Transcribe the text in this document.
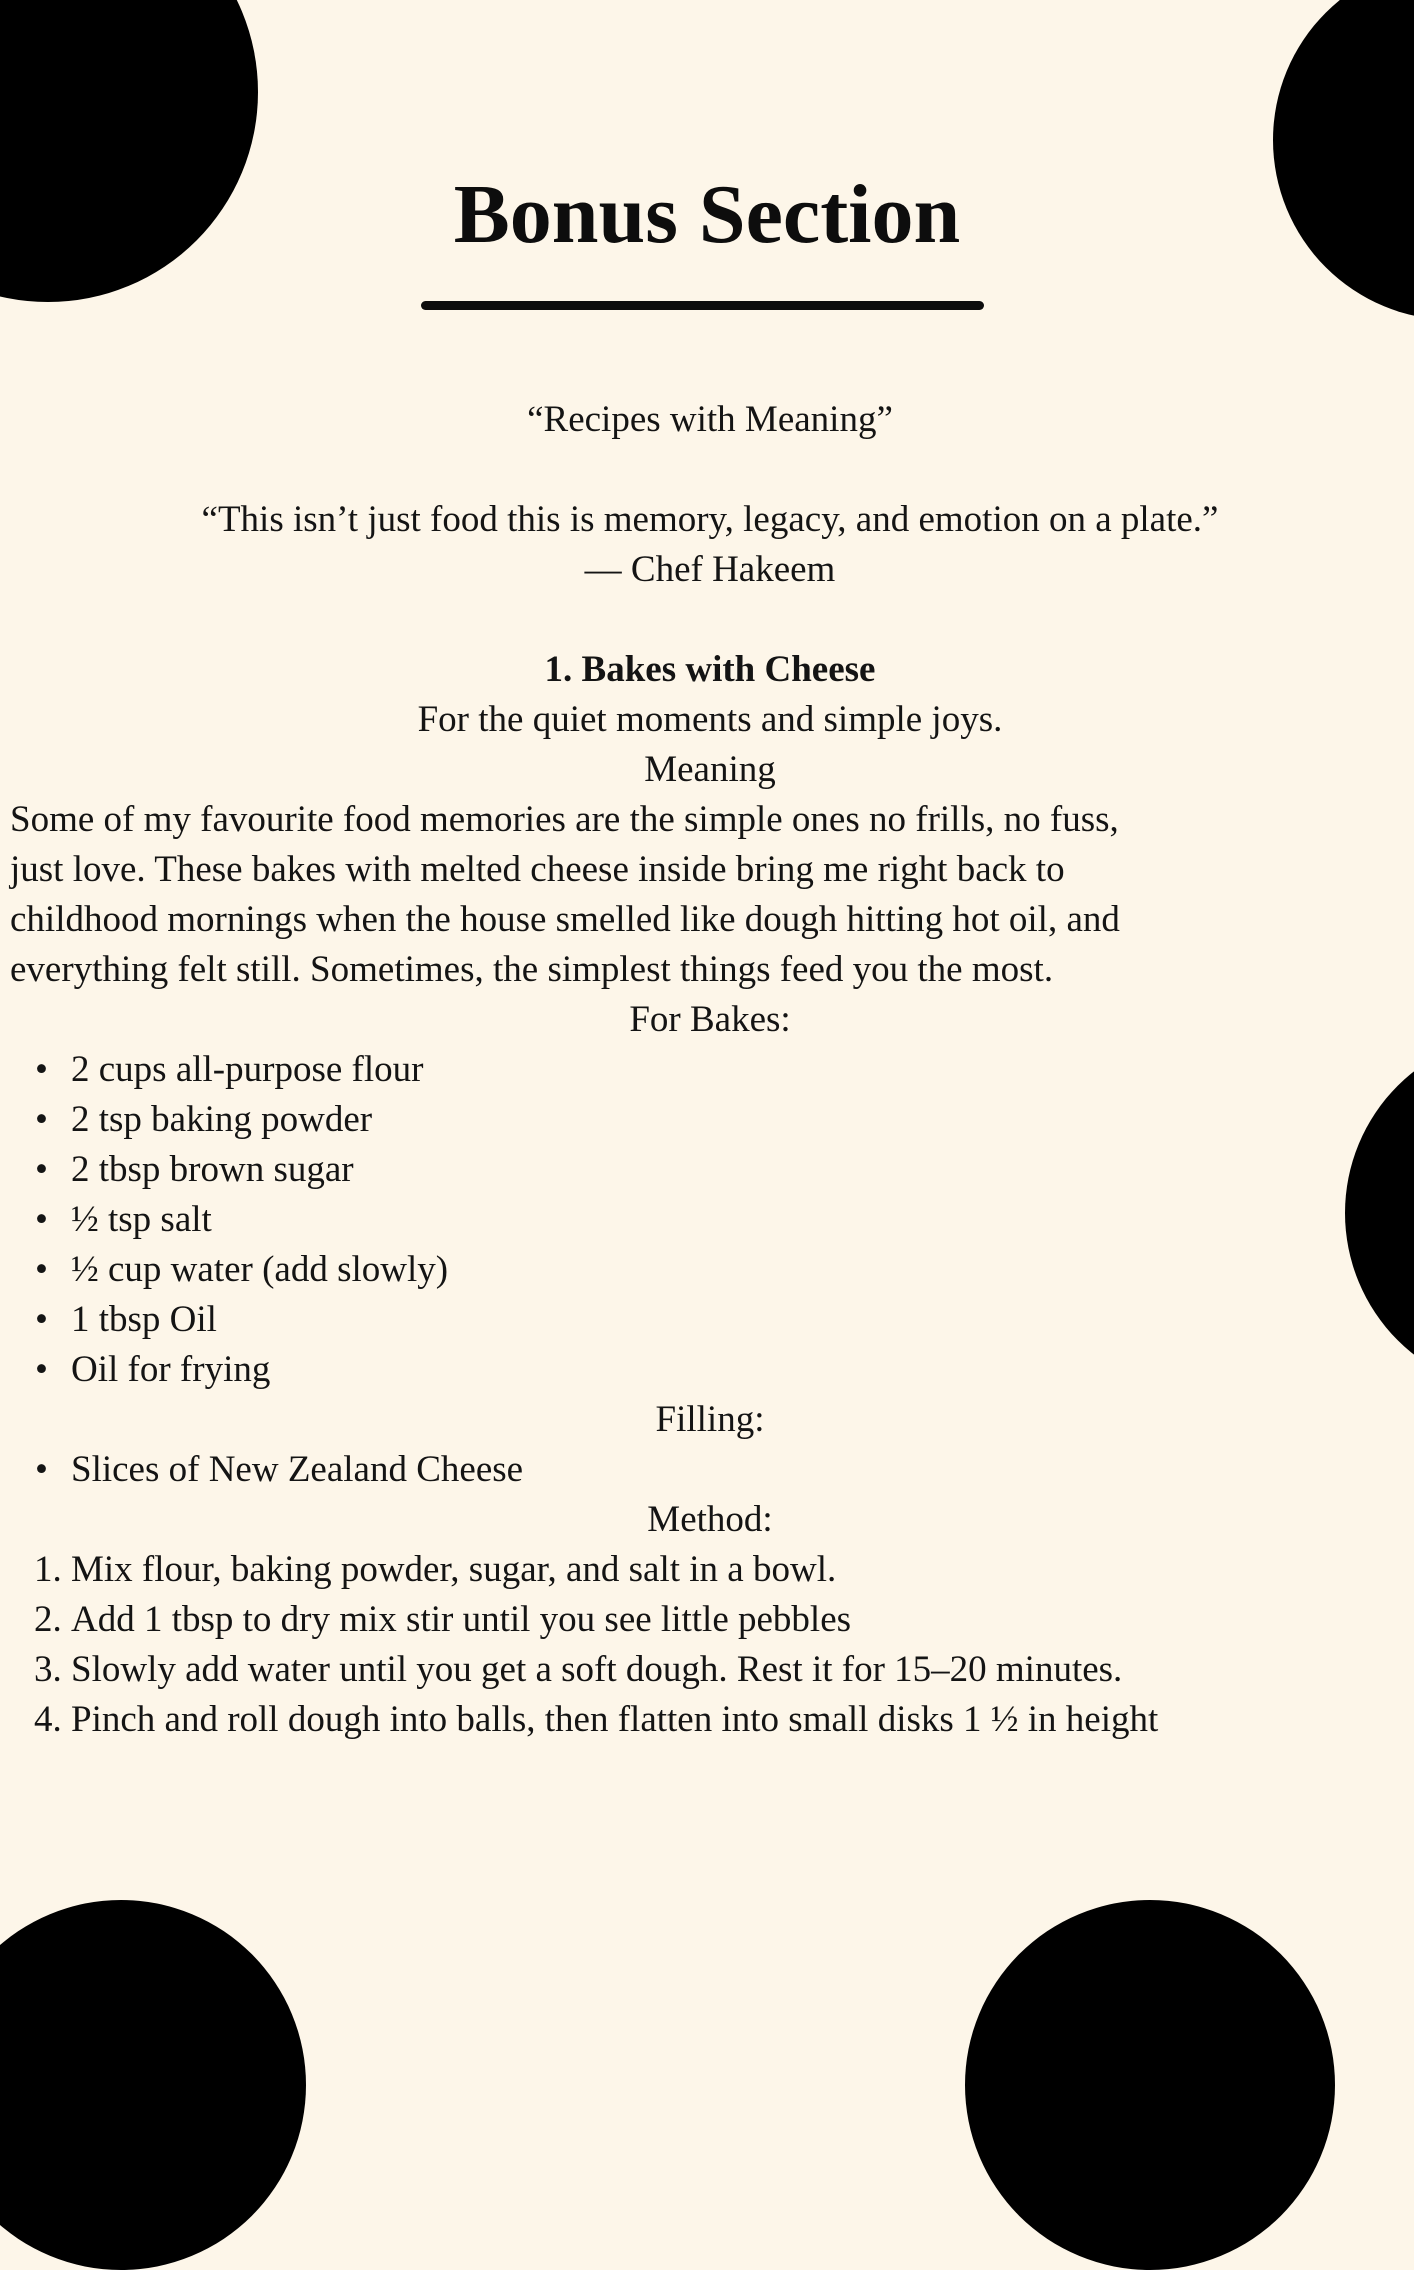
Bonus Section

“Recipes with Meaning”

“This isn’t just food this is memory, legacy, and emotion on a plate.”

— Chef Hakeem

1. Bakes with Cheese

For the quiet moments and simple joys.

Meaning

Some of my favourite food memories are the simple ones no frills, no fuss,

just love. These bakes with melted cheese inside bring me right back to

childhood mornings when the house smelled like dough hitting hot oil, and

everything felt still. Sometimes, the simplest things feed you the most.

For Bakes:

• 2 cups all-purpose flour
• 2 tsp baking powder
• 2 tbsp brown sugar
• ½ tsp salt
• ½ cup water (add slowly)
• 1 tbsp Oil
• Oil for frying

Filling:

• Slices of New Zealand Cheese

Method:

1. Mix flour, baking powder, sugar, and salt in a bowl.
2. Add 1 tbsp to dry mix stir until you see little pebbles
3. Slowly add water until you get a soft dough. Rest it for 15–20 minutes.
4. Pinch and roll dough into balls, then flatten into small disks 1 ½ in height
